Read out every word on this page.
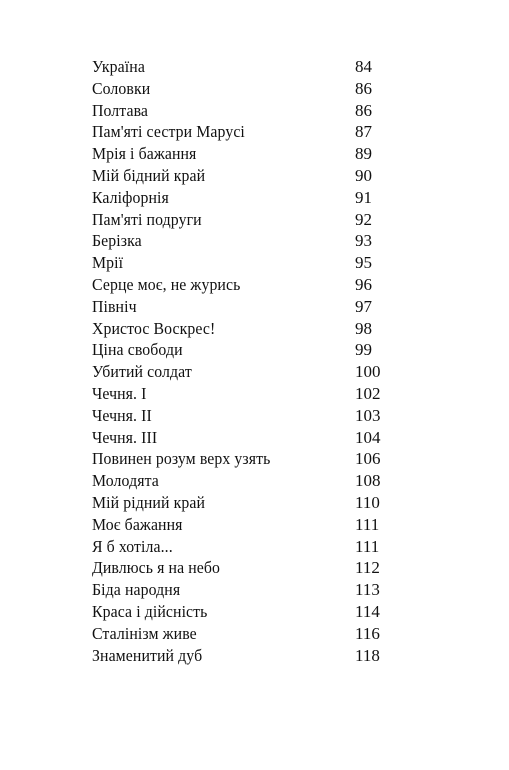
Україна	84
Соловки	86
Полтава	86
Пам'яті сестри Марусі	87
Мрія і бажання	89
Мій бідний край	90
Каліфорнія	91
Пам'яті подруги	92
Берізка	93
Мрії	95
Серце моє, не журись	96
Північ	97
Христос Воскрес!	98
Ціна свободи	99
Убитий солдат	100
Чечня. I	102
Чечня. II	103
Чечня. III	104
Повинен розум верх узять	106
Молодята	108
Мій рідний край	110
Моє бажання	111
Я б хотіла...	111
Дивлюсь я на небо	112
Біда народня	113
Краса і дійсність	114
Сталінізм живе	116
Знаменитий дуб	118
